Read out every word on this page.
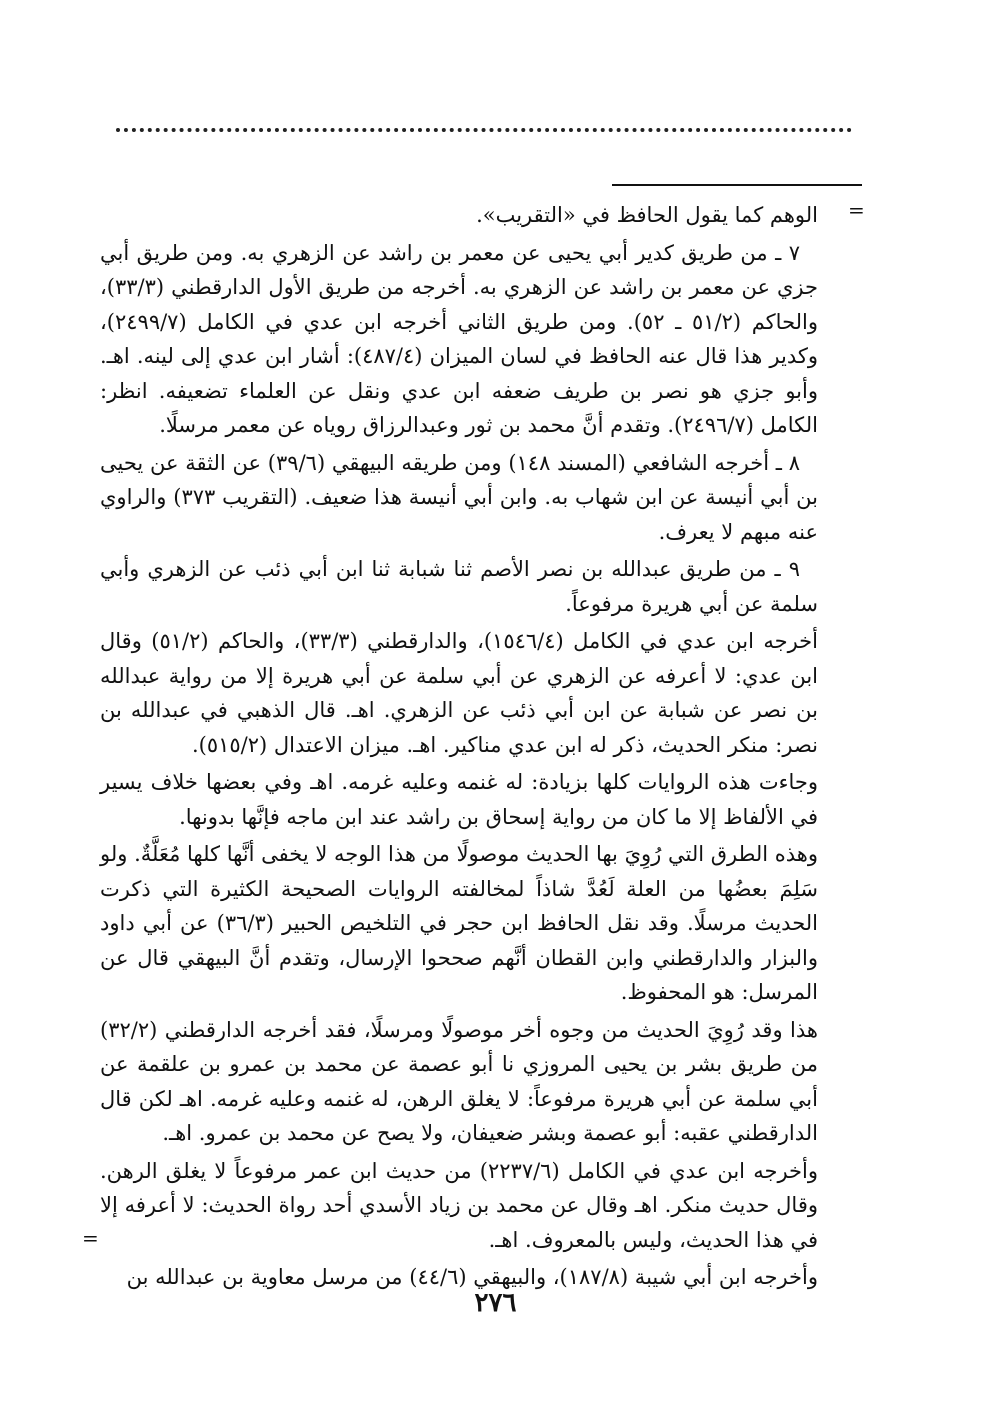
=

الوهم كما يقول الحافظ في «التقريب».

٧ ـ من طريق كدير أبي يحيى عن معمر بن راشد عن الزهري به. ومن طريق أبي جزي عن معمر بن راشد عن الزهري به. أخرجه من طريق الأول الدارقطني (٣٣/٣)، والحاكم (٥١/٢ ـ ٥٢). ومن طريق الثاني أخرجه ابن عدي في الكامل (٢٤٩٩/٧)، وكدير هذا قال عنه الحافظ في لسان الميزان (٤٨٧/٤): أشار ابن عدي إلى لينه. اهـ. وأبو جزي هو نصر بن طريف ضعفه ابن عدي ونقل عن العلماء تضعيفه. انظر: الكامل (٢٤٩٦/٧). وتقدم أنَّ محمد بن ثور وعبدالرزاق روياه عن معمر مرسلًا.

٨ ـ أخرجه الشافعي (المسند ١٤٨) ومن طريقه البيهقي (٣٩/٦) عن الثقة عن يحيى بن أبي أنيسة عن ابن شهاب به. وابن أبي أنيسة هذا ضعيف. (التقريب ٣٧٣) والراوي عنه مبهم لا يعرف.

٩ ـ من طريق عبدالله بن نصر الأصم ثنا شبابة ثنا ابن أبي ذئب عن الزهري وأبي سلمة عن أبي هريرة مرفوعاً.

أخرجه ابن عدي في الكامل (١٥٤٦/٤)، والدارقطني (٣٣/٣)، والحاكم (٥١/٢) وقال ابن عدي: لا أعرفه عن الزهري عن أبي سلمة عن أبي هريرة إلا من رواية عبدالله بن نصر عن شبابة عن ابن أبي ذئب عن الزهري. اهـ. قال الذهبي في عبدالله بن نصر: منكر الحديث، ذكر له ابن عدي مناكير. اهـ. ميزان الاعتدال (٥١٥/٢).

وجاءت هذه الروايات كلها بزيادة: له غنمه وعليه غرمه. اهـ وفي بعضها خلاف يسير في الألفاظ إلا ما كان من رواية إسحاق بن راشد عند ابن ماجه فإنَّها بدونها.

وهذه الطرق التي رُوِيَ بها الحديث موصولًا من هذا الوجه لا يخفى أنَّها كلها مُعَلَّةٌ. ولو سَلِمَ بعضُها من العلة لَعُدَّ شاذاً لمخالفته الروايات الصحيحة الكثيرة التي ذكرت الحديث مرسلًا. وقد نقل الحافظ ابن حجر في التلخيص الحبير (٣٦/٣) عن أبي داود والبزار والدارقطني وابن القطان أنَّهم صححوا الإرسال، وتقدم أنَّ البيهقي قال عن المرسل: هو المحفوظ.

هذا وقد رُوِيَ الحديث من وجوه أخر موصولًا ومرسلًا، فقد أخرجه الدارقطني (٣٢/٢) من طريق بشر بن يحيى المروزي نا أبو عصمة عن محمد بن عمرو بن علقمة عن أبي سلمة عن أبي هريرة مرفوعاً: لا يغلق الرهن، له غنمه وعليه غرمه. اهـ لكن قال الدارقطني عقبه: أبو عصمة وبشر ضعيفان، ولا يصح عن محمد بن عمرو. اهـ.

وأخرجه ابن عدي في الكامل (٢٢٣٧/٦) من حديث ابن عمر مرفوعاً لا يغلق الرهن. وقال حديث منكر. اهـ وقال عن محمد بن زياد الأسدي أحد رواة الحديث: لا أعرفه إلا في هذا الحديث، وليس بالمعروف. اهـ.

وأخرجه ابن أبي شيبة (١٨٧/٨)، والبيهقي (٤٤/٦) من مرسل معاوية بن عبدالله بن

=
٢٧٦
